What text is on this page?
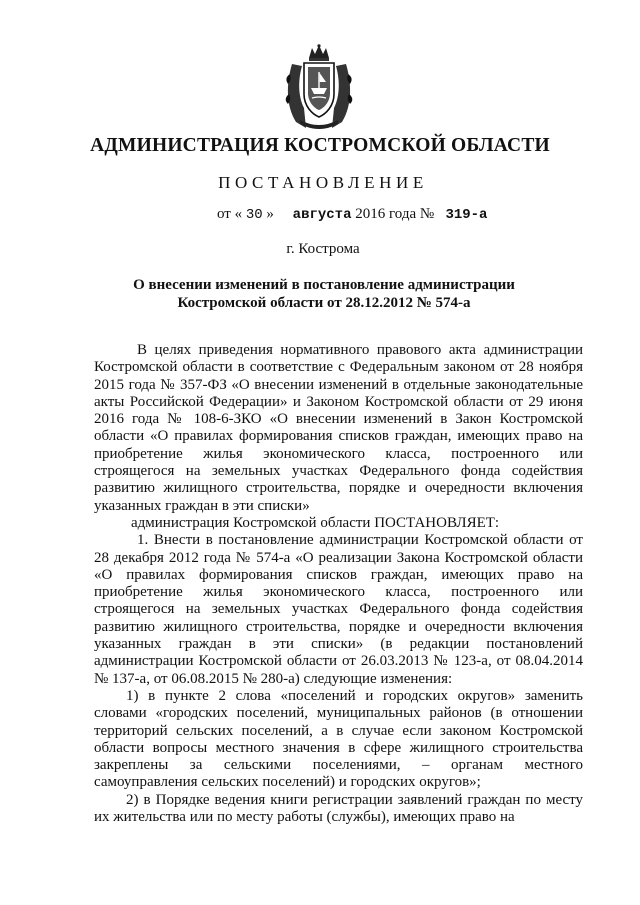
АДМИНИСТРАЦИЯ КОСТРОМСКОЙ ОБЛАСТИ
ПОСТАНОВЛЕНИЕ
от « 30 » августа 2016 года № 319-а
г. Кострома
О внесении изменений в постановление администрации
Костромской области от 28.12.2012 № 574-а

В целях приведения нормативного правового акта администрации Костромской области в соответствие с Федеральным законом от 28 ноября 2015 года № 357-ФЗ «О внесении изменений в отдельные законодательные акты Российской Федерации» и Законом Костромской области от 29 июня 2016 года № 108-6-ЗКО «О внесении изменений в Закон Костромской области «О правилах формирования списков граждан, имеющих право на приобретение жилья экономического класса, построенного или строящегося на земельных участках Федерального фонда содействия развитию жилищного строительства, порядке и очередности включения указанных граждан в эти списки»

администрация Костромской области ПОСТАНОВЛЯЕТ:

1. Внести в постановление администрации Костромской области от 28 декабря 2012 года № 574-а «О реализации Закона Костромской области «О правилах формирования списков граждан, имеющих право на приобретение жилья экономического класса, построенного или строящегося на земельных участках Федерального фонда содействия развитию жилищного строительства, порядке и очередности включения указанных граждан в эти списки» (в редакции постановлений администрации Костромской области от 26.03.2013 № 123-а, от 08.04.2014 № 137-а, от 06.08.2015 № 280-а) следующие изменения:

1) в пункте 2 слова «поселений и городских округов» заменить словами «городских поселений, муниципальных районов (в отношении территорий сельских поселений, а в случае если законом Костромской области вопросы местного значения в сфере жилищного строительства закреплены за сельскими поселениями, – органам местного самоуправления сельских поселений) и городских округов»;

2) в Порядке ведения книги регистрации заявлений граждан по месту их жительства или по месту работы (службы), имеющих право на
